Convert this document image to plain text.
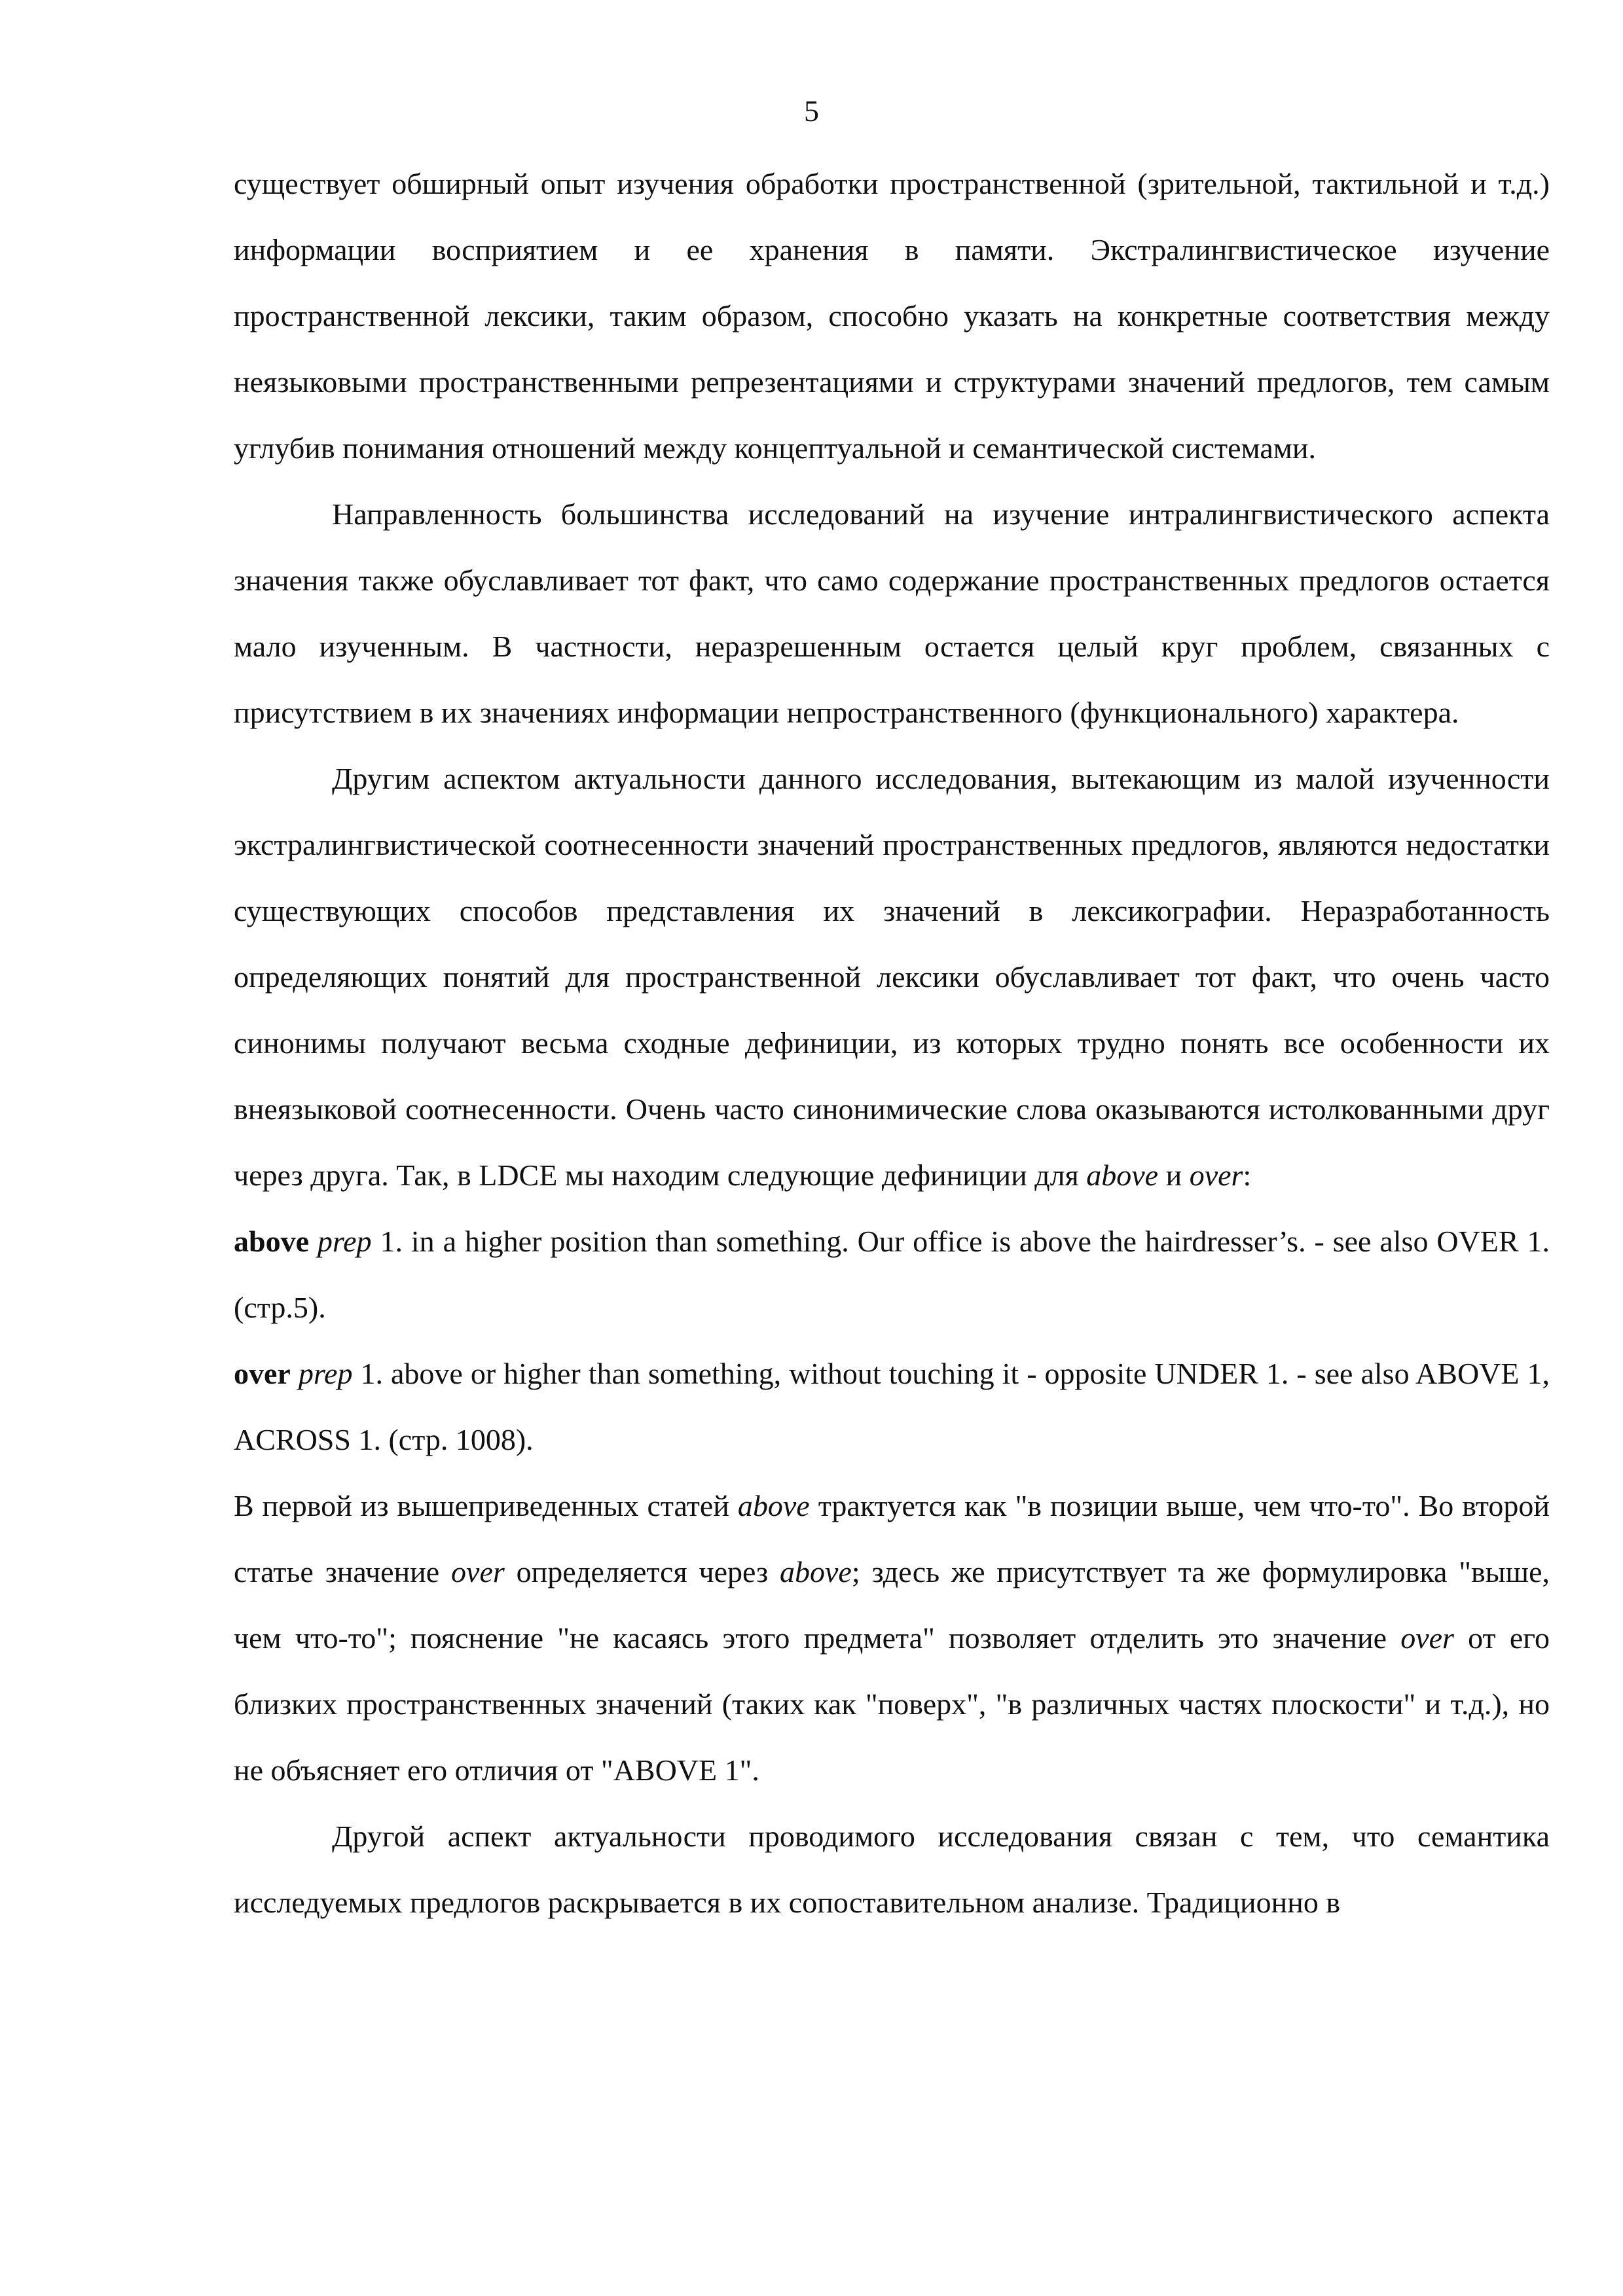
5

существует обширный опыт изучения обработки пространственной (зрительной, тактильной и т.д.) информации восприятием и ее хранения в памяти. Экстралингвистическое изучение пространственной лексики, таким образом, способно указать на конкретные соответствия между неязыковыми пространственными репрезентациями и структурами значений предлогов, тем самым углубив понимания отношений между концептуальной и семантической системами.

Направленность большинства исследований на изучение интралингвистического аспекта значения также обуславливает тот факт, что само содержание пространственных предлогов остается мало изученным. В частности, неразрешенным остается целый круг проблем, связанных с присутствием в их значениях информации непространственного (функционального) характера.

Другим аспектом актуальности данного исследования, вытекающим из малой изученности экстралингвистической соотнесенности значений пространственных предлогов, являются недостатки существующих способов представления их значений в лексикографии. Неразработанность определяющих понятий для пространственной лексики обуславливает тот факт, что очень часто синонимы получают весьма сходные дефиниции, из которых трудно понять все особенности их внеязыковой соотнесенности. Очень часто синонимические слова оказываются истолкованными друг через друга. Так, в LDCE мы находим следующие дефиниции для above и over:

above prep 1. in a higher position than something. Our office is above the hairdresser’s. - see also OVER 1. (стр.5).

over prep 1. above or higher than something, without touching it - opposite UNDER 1. - see also ABOVE 1, ACROSS 1. (стр. 1008).

В первой из вышеприведенных статей above трактуется как "в позиции выше, чем что-то". Во второй статье значение over определяется через above; здесь же присутствует та же формулировка "выше, чем что-то"; пояснение "не касаясь этого предмета" позволяет отделить это значение over от его близких пространственных значений (таких как "поверх", "в различных частях плоскости" и т.д.), но не объясняет его отличия от "ABOVE 1".

Другой аспект актуальности проводимого исследования связан с тем, что семантика исследуемых предлогов раскрывается в их сопоставительном анализе. Традиционно в
